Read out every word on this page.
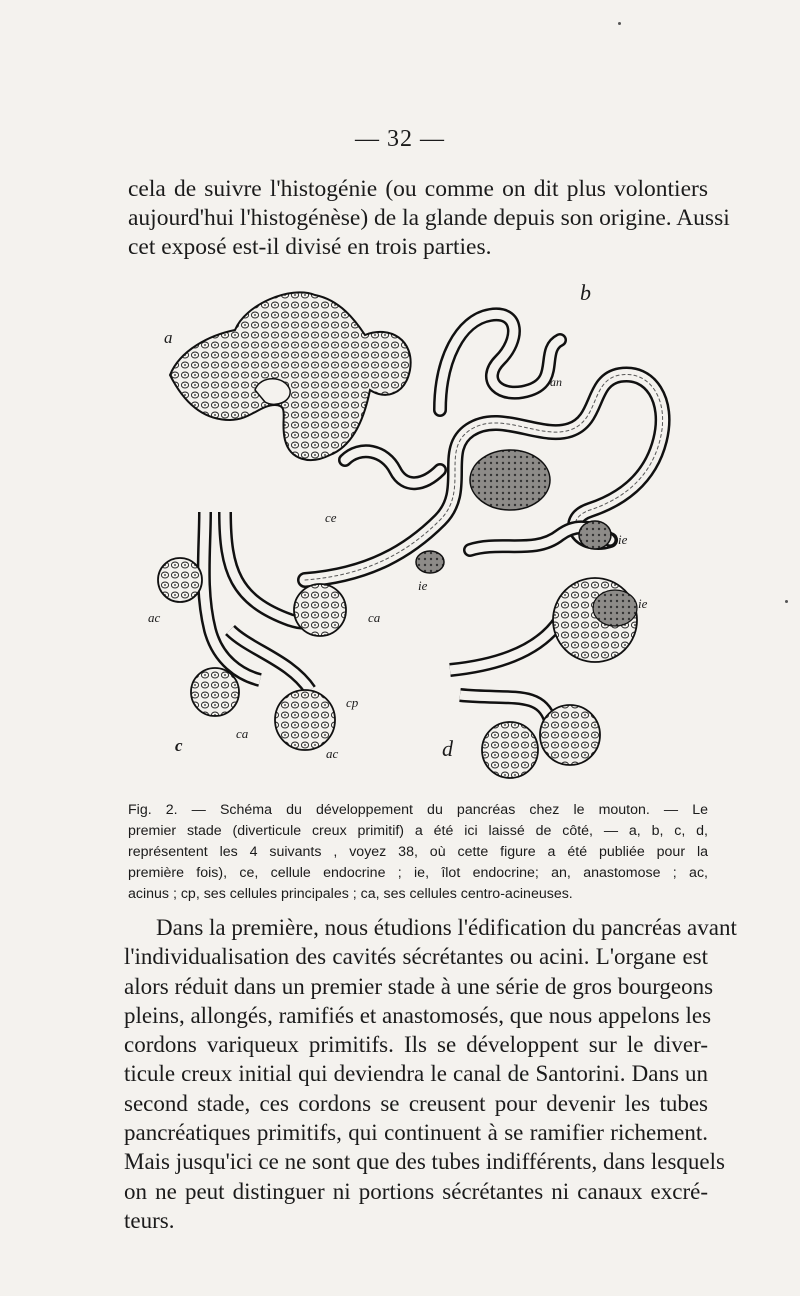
— 32 —
cela de suivre l'histogénie (ou comme on dit plus volontiers
aujourd'hui l'histogénèse) de la glande depuis son origine. Aussi
cet exposé est-il divisé en trois parties.
a
b
c	d
an
ce
ie
ie
ie
ac
ac
ca
ca
cp
Fig. 2. — Schéma du développement du pancréas chez le mouton. — Le
premier stade (diverticule creux primitif) a été ici laissé de côté, — a, b, c, d,
représentent les 4 suivants , voyez 38, où cette figure a été publiée pour la
première fois), ce, cellule endocrine ; ie, îlot endocrine; an, anastomose ; ac,
acinus ; cp, ses cellules principales ; ca, ses cellules centro-acineuses.
Dans la première, nous étudions l'édification du pancréas avant
l'individualisation des cavités sécrétantes ou acini. L'organe est
alors réduit dans un premier stade à une série de gros bourgeons
pleins, allongés, ramifiés et anastomosés, que nous appelons les
cordons variqueux primitifs. Ils se développent sur le diver-
ticule creux initial qui deviendra le canal de Santorini. Dans un
second stade, ces cordons se creusent pour devenir les tubes
pancréatiques primitifs, qui continuent à se ramifier richement.
Mais jusqu'ici ce ne sont que des tubes indifférents, dans lesquels
on ne peut distinguer ni portions sécrétantes ni canaux excré-
teurs.
